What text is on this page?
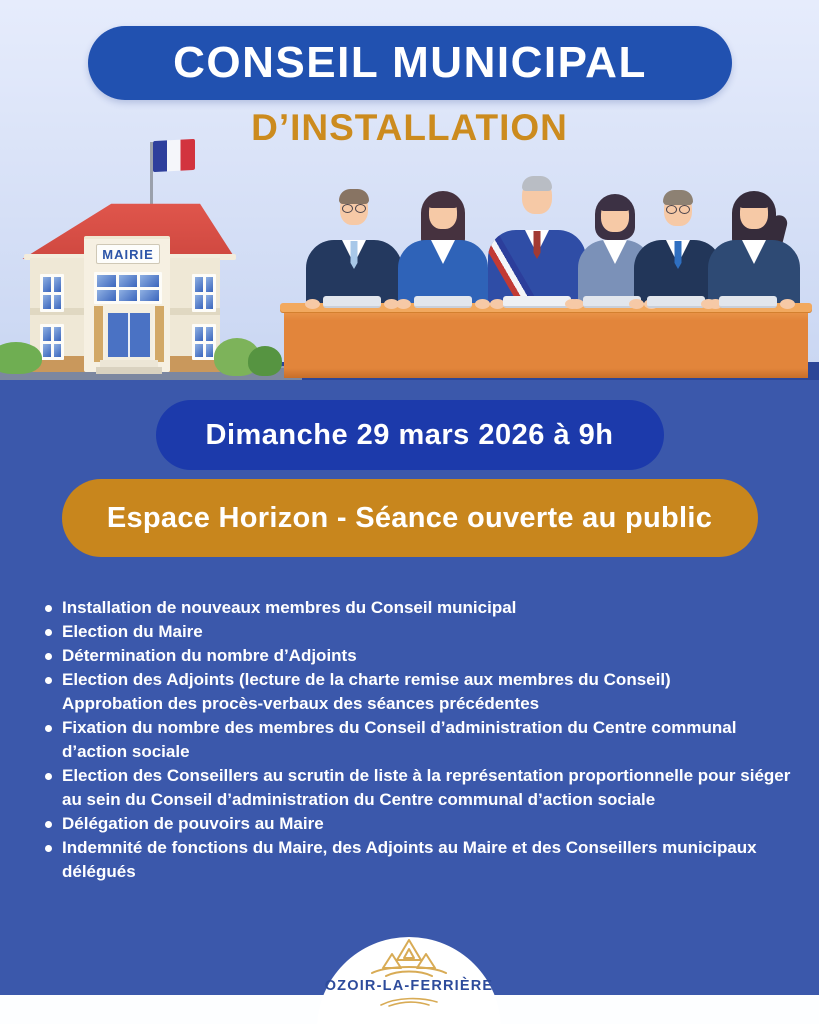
CONSEIL MUNICIPAL
D’INSTALLATION
MAIRIE
Dimanche 29 mars 2026 à 9h
Espace Horizon - Séance ouverte au public
Installation de nouveaux membres du Conseil municipal
Election du Maire
Détermination du nombre d’Adjoints
Election des Adjoints (lecture de la charte remise aux membres du Conseil)
Approbation des procès-verbaux des séances précédentes
Fixation du nombre des membres du Conseil d’administration du Centre communal d’action sociale
Election des Conseillers au scrutin de liste à la représentation proportionnelle pour siéger au sein du Conseil d’administration du Centre communal d’action sociale
Délégation de pouvoirs au Maire
Indemnité de fonctions du Maire, des Adjoints au Maire et des Conseillers municipaux délégués
OZOIR-LA-FERRIÈRE
